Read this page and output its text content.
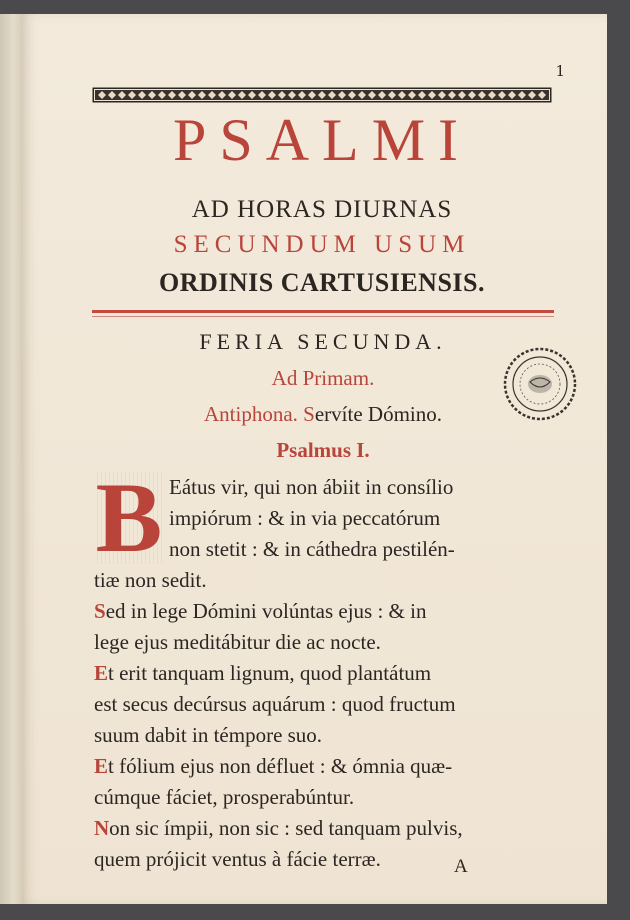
1
PSALMI
AD HORAS DIURNAS
SECUNDUM USUM
ORDINIS CARTUSIENSIS.
FERIA SECUNDA.
Ad Primam.
Antiphona. Servíte Dómino.
Psalmus I.
B Eátus vir, qui non ábiit in consílio
impiórum : & in via peccatórum
non stetit : & in cáthedra pestilén-
tiæ non sedit.
Sed in lege Dómini volúntas ejus : & in
lege ejus meditábitur die ac nocte.
Et erit tanquam lignum, quod plantátum
est secus decúrsus aquárum : quod fructum
suum dabit in témpore suo.
Et fólium ejus non défluet : & ómnia quæ-
cúmque fáciet, prosperabúntur.
Non sic ímpii, non sic : sed tanquam pulvis,
quem prójicit ventus à fácie terræ.	A
